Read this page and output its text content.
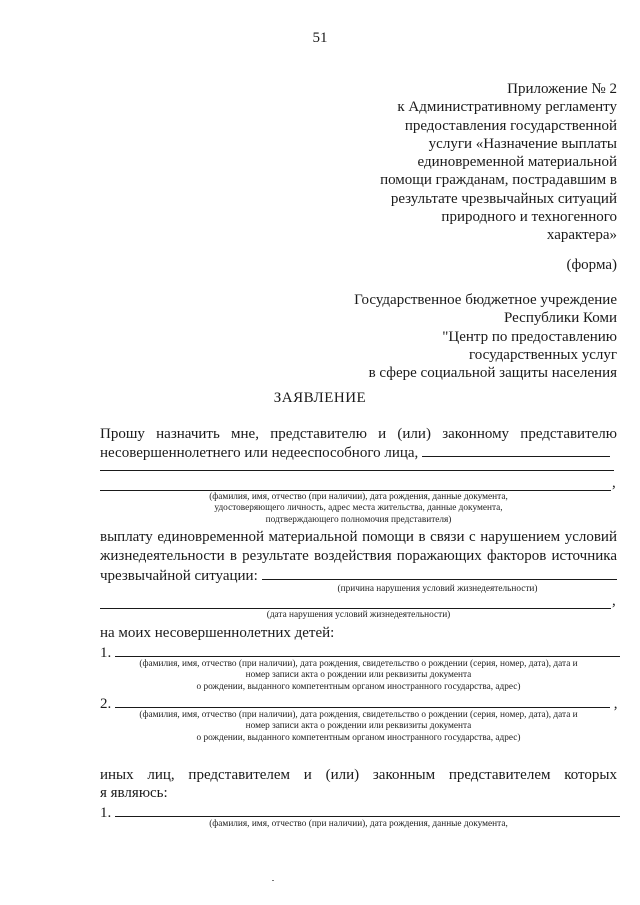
51
Приложение № 2
к Административному регламенту
предоставления государственной
услуги «Назначение выплаты
единовременной материальной
помощи гражданам, пострадавшим в
результате чрезвычайных ситуаций
природного и техногенного
характера»
(форма)
Государственное бюджетное учреждение
Республики Коми
"Центр по предоставлению
государственных услуг
в сфере социальной защиты населения
ЗАЯВЛЕНИЕ
Прошу назначить мне, представителю и (или) законному представителю
несовершеннолетнего или недееспособного лица,
,
(фамилия, имя, отчество (при наличии), дата рождения, данные документа,
удостоверяющего личность, адрес места жительства, данные документа,
подтверждающего полномочия представителя)
выплату единовременной материальной помощи в связи с нарушением условий
жизнедеятельности в результате воздействия поражающих факторов источника
чрезвычайной ситуации:
(причина нарушения условий жизнедеятельности)
,
(дата нарушения условий жизнедеятельности)
на моих несовершеннолетних детей:
1.
(фамилия, имя, отчество (при наличии), дата рождения, свидетельство о рождении (серия, номер, дата), дата и
номер записи акта о рождении или реквизиты документа
о рождении, выданного компетентным органом иностранного государства, адрес)
2.	,
(фамилия, имя, отчество (при наличии), дата рождения, свидетельство о рождении (серия, номер, дата), дата и
номер записи акта о рождении или реквизиты документа
о рождении, выданного компетентным органом иностранного государства, адрес)
иных лиц, представителем и (или) законным представителем которых
я являюсь:
1.
(фамилия, имя, отчество (при наличии), дата рождения, данные документа,
